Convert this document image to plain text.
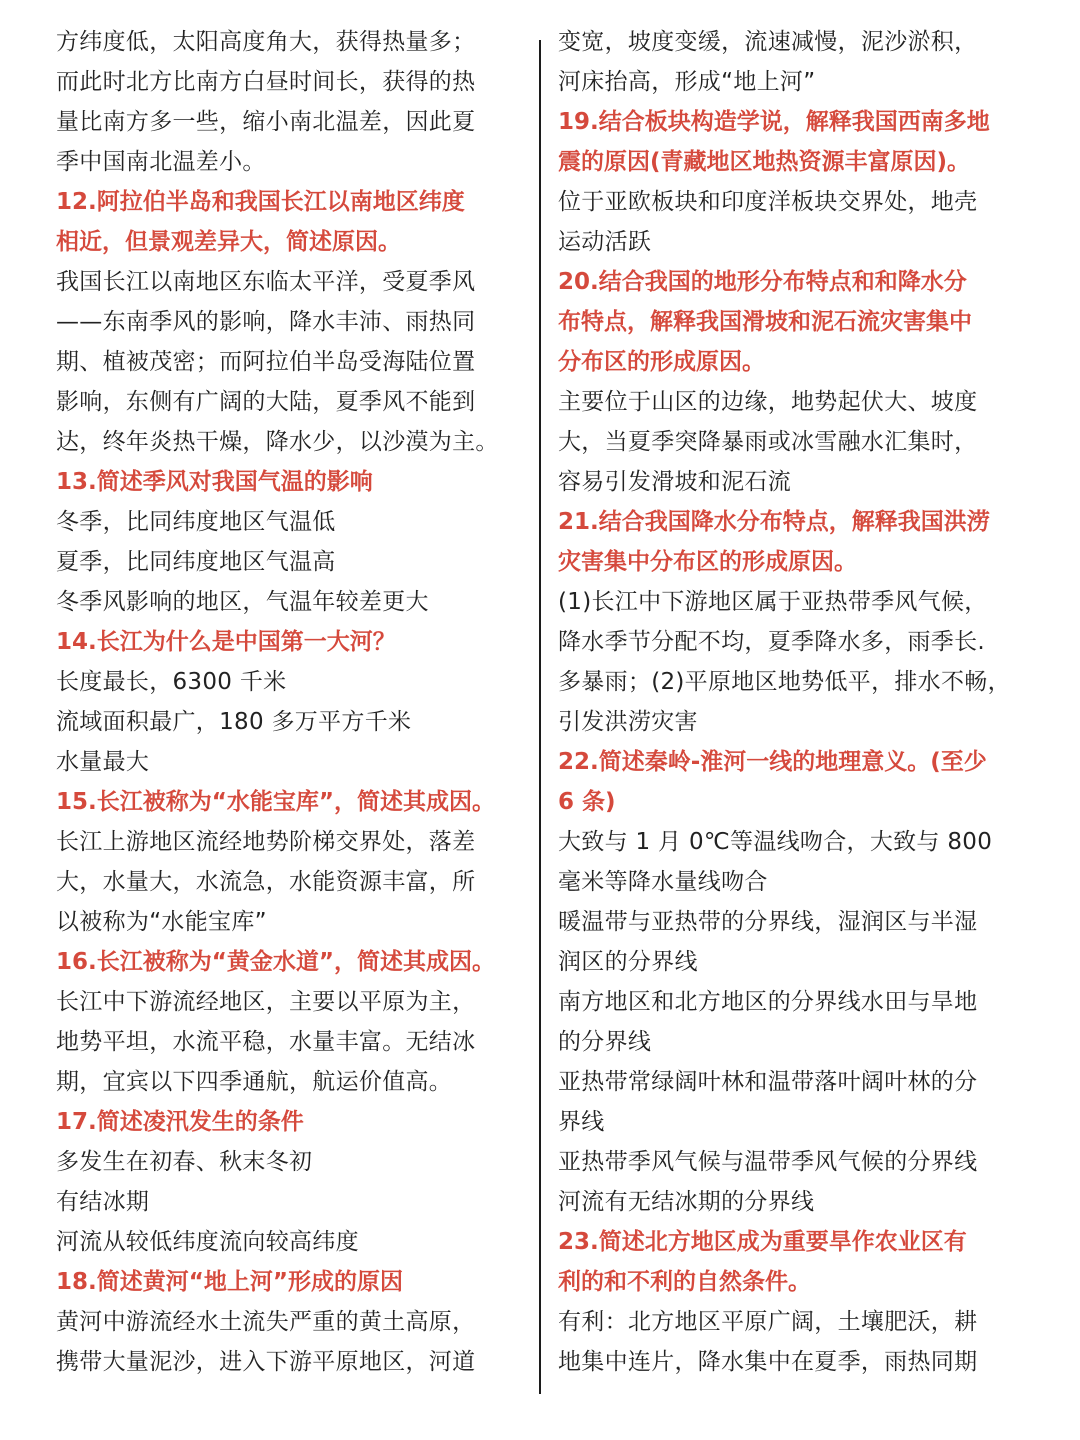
方纬度低，太阳高度角大，获得热量多；
而此时北方比南方白昼时间长，获得的热
量比南方多一些，缩小南北温差，因此夏
季中国南北温差小。
12.阿拉伯半岛和我国长江以南地区纬度
相近，但景观差异大，简述原因。
我国长江以南地区东临太平洋，受夏季风
——东南季风的影响，降水丰沛、雨热同
期、植被茂密；而阿拉伯半岛受海陆位置
影响，东侧有广阔的大陆，夏季风不能到
达，终年炎热干燥，降水少，以沙漠为主。
13.简述季风对我国气温的影响
冬季，比同纬度地区气温低
夏季，比同纬度地区气温高
冬季风影响的地区，气温年较差更大
14.长江为什么是中国第一大河？
长度最长，6300 千米
流域面积最广，180 多万平方千米
水量最大
15.长江被称为“水能宝库”，简述其成因。
长江上游地区流经地势阶梯交界处，落差
大，水量大，水流急，水能资源丰富，所
以被称为“水能宝库”
16.长江被称为“黄金水道”，简述其成因。
长江中下游流经地区，主要以平原为主，
地势平坦，水流平稳，水量丰富。无结冰
期，宜宾以下四季通航，航运价值高。
17.简述凌汛发生的条件
多发生在初春、秋末冬初
有结冰期
河流从较低纬度流向较高纬度
18.简述黄河“地上河”形成的原因
黄河中游流经水土流失严重的黄土高原，
携带大量泥沙，进入下游平原地区，河道
变宽，坡度变缓，流速减慢，泥沙淤积，
河床抬高，形成“地上河”
19.结合板块构造学说，解释我国西南多地
震的原因(青藏地区地热资源丰富原因)。
位于亚欧板块和印度洋板块交界处，地壳
运动活跃
20.结合我国的地形分布特点和和降水分
布特点，解释我国滑坡和泥石流灾害集中
分布区的形成原因。
主要位于山区的边缘，地势起伏大、坡度
大，当夏季突降暴雨或冰雪融水汇集时，
容易引发滑坡和泥石流
21.结合我国降水分布特点，解释我国洪涝
灾害集中分布区的形成原因。
(1)长江中下游地区属于亚热带季风气候，
降水季节分配不均，夏季降水多，雨季长.
多暴雨；(2)平原地区地势低平，排水不畅，
引发洪涝灾害
22.简述秦岭-淮河一线的地理意义。(至少
6 条)
大致与 1 月 0℃等温线吻合，大致与 800
毫米等降水量线吻合
暖温带与亚热带的分界线，湿润区与半湿
润区的分界线
南方地区和北方地区的分界线水田与旱地
的分界线
亚热带常绿阔叶林和温带落叶阔叶林的分
界线
亚热带季风气候与温带季风气候的分界线
河流有无结冰期的分界线
23.简述北方地区成为重要旱作农业区有
利的和不利的自然条件。
有利：北方地区平原广阔，土壤肥沃，耕
地集中连片，降水集中在夏季，雨热同期
